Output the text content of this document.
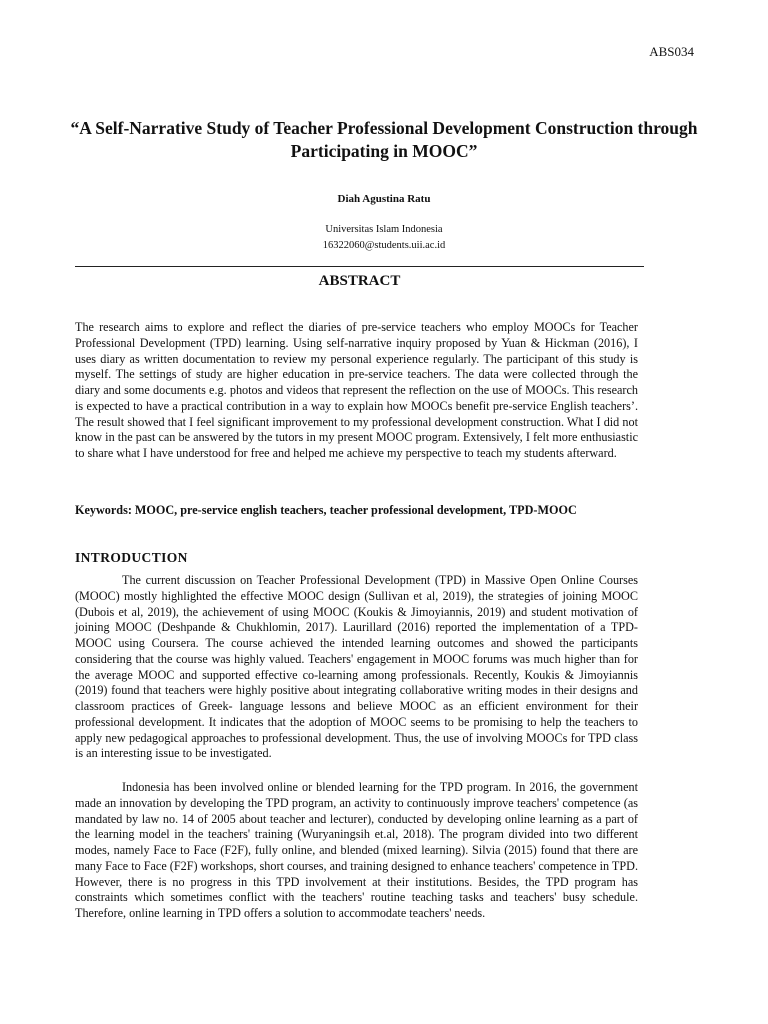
ABS034
“A Self-Narrative Study of Teacher Professional Development Construction through Participating in MOOC”
Diah Agustina Ratu
Universitas Islam Indonesia
16322060@students.uii.ac.id
ABSTRACT
The research aims to explore and reflect the diaries of pre-service teachers who employ MOOCs for Teacher Professional Development (TPD) learning. Using self-narrative inquiry proposed by Yuan & Hickman (2016), I uses diary as written documentation to review my personal experience regularly. The participant of this study is myself. The settings of study are higher education in pre-service teachers. The data were collected through the diary and some documents e.g. photos and videos that represent the reflection on the use of MOOCs. This research is expected to have a practical contribution in a way to explain how MOOCs benefit pre-service English teachers’. The result showed that I feel significant improvement to my professional development construction. What I did not know in the past can be answered by the tutors in my present MOOC program. Extensively, I felt more enthusiastic to share what I have understood for free and helped me achieve my perspective to teach my students afterward.
Keywords: MOOC, pre-service english teachers, teacher professional development, TPD-MOOC
INTRODUCTION
The current discussion on Teacher Professional Development (TPD) in Massive Open Online Courses (MOOC) mostly highlighted the effective MOOC design (Sullivan et al, 2019), the strategies of joining MOOC (Dubois et al, 2019), the achievement of using MOOC (Koukis & Jimoyiannis, 2019) and student motivation of joining MOOC (Deshpande & Chukhlomin, 2017). Laurillard (2016) reported the implementation of a TPD-MOOC using Coursera. The course achieved the intended learning outcomes and showed the participants considering that the course was highly valued. Teachers' engagement in MOOC forums was much higher than for the average MOOC and supported effective co-learning among professionals. Recently, Koukis & Jimoyiannis (2019) found that teachers were highly positive about integrating collaborative writing modes in their designs and classroom practices of Greek- language lessons and believe MOOC as an efficient environment for their professional development. It indicates that the adoption of MOOC seems to be promising to help the teachers to apply new pedagogical approaches to professional development. Thus, the use of involving MOOCs for TPD class is an interesting issue to be investigated.
Indonesia has been involved online or blended learning for the TPD program. In 2016, the government made an innovation by developing the TPD program, an activity to continuously improve teachers' competence (as mandated by law no. 14 of 2005 about teacher and lecturer), conducted by developing online learning as a part of the learning model in the teachers' training (Wuryaningsih et.al, 2018). The program divided into two different modes, namely Face to Face (F2F), fully online, and blended (mixed learning). Silvia (2015) found that there are many Face to Face (F2F) workshops, short courses, and training designed to enhance teachers' competence in TPD. However, there is no progress in this TPD involvement at their institutions. Besides, the TPD program has constraints which sometimes conflict with the teachers' routine teaching tasks and teachers' busy schedule. Therefore, online learning in TPD offers a solution to accommodate teachers' needs.
